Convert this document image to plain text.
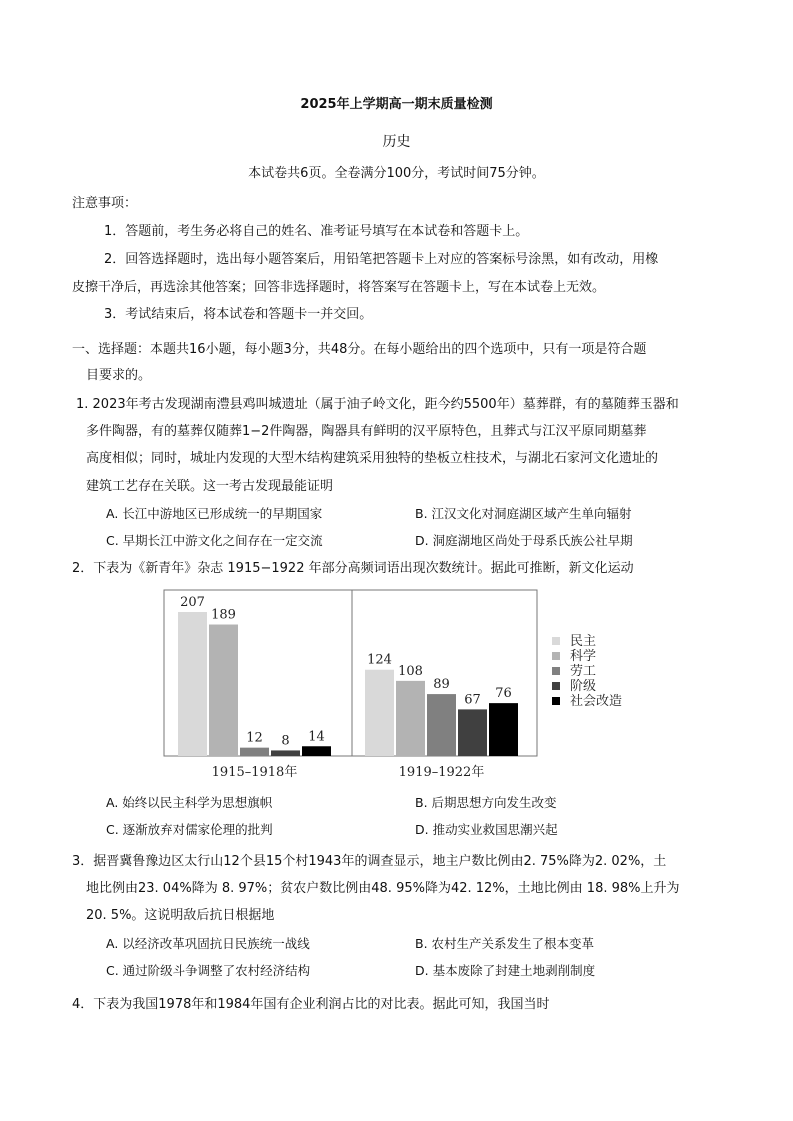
2025年上学期高一期末质量检测
历史
本试卷共6页。全卷满分100分，考试时间75分钟。
注意事项：
1．答题前，考生务必将自己的姓名、准考证号填写在本试卷和答题卡上。
2．回答选择题时，选出每小题答案后，用铅笔把答题卡上对应的答案标号涂黑，如有改动，用橡
皮擦干净后，再选涂其他答案；回答非选择题时，将答案写在答题卡上，写在本试卷上无效。
3．考试结束后，将本试卷和答题卡一并交回。
一、选择题：本题共16小题，每小题3分，共48分。在每小题给出的四个选项中，只有一项是符合题
目要求的。
1. 2023年考古发现湖南澧县鸡叫城遗址（属于油子岭文化，距今约5500年）墓葬群，有的墓随葬玉器和
多件陶器，有的墓葬仅随葬1−2件陶器，陶器具有鲜明的汉平原特色，且葬式与江汉平原同期墓葬
高度相似；同时，城址内发现的大型木结构建筑采用独特的垫板立柱技术，与湖北石家河文化遗址的
建筑工艺存在关联。这一考古发现最能证明
A. 长江中游地区已形成统一的早期国家	B. 江汉文化对洞庭湖区域产生单向辐射
C. 早期长江中游文化之间存在一定交流	D. 洞庭湖地区尚处于母系氏族公社早期
2．下表为《新青年》杂志 1915−1922 年部分高频词语出现次数统计。据此可推断，新文化运动
207
189
12 8 14
124
108
89
67 76
民主
科学
劳工
阶级
社会改造
1915–1918年	1919–1922年
A. 始终以民主科学为思想旗帜	B. 后期思想方向发生改变
C. 逐渐放弃对儒家伦理的批判	D. 推动实业救国思潮兴起
3．据晋冀鲁豫边区太行山12个县15个村1943年的调查显示，地主户数比例由2. 75%降为2. 02%，土
地比例由23. 04%降为 8. 97%；贫农户数比例由48. 95%降为42. 12%，土地比例由 18. 98%上升为
20. 5%。这说明敌后抗日根据地
A. 以经济改革巩固抗日民族统一战线	B. 农村生产关系发生了根本变革
C. 通过阶级斗争调整了农村经济结构	D. 基本废除了封建土地剥削制度
4．下表为我国1978年和1984年国有企业利润占比的对比表。据此可知，我国当时
